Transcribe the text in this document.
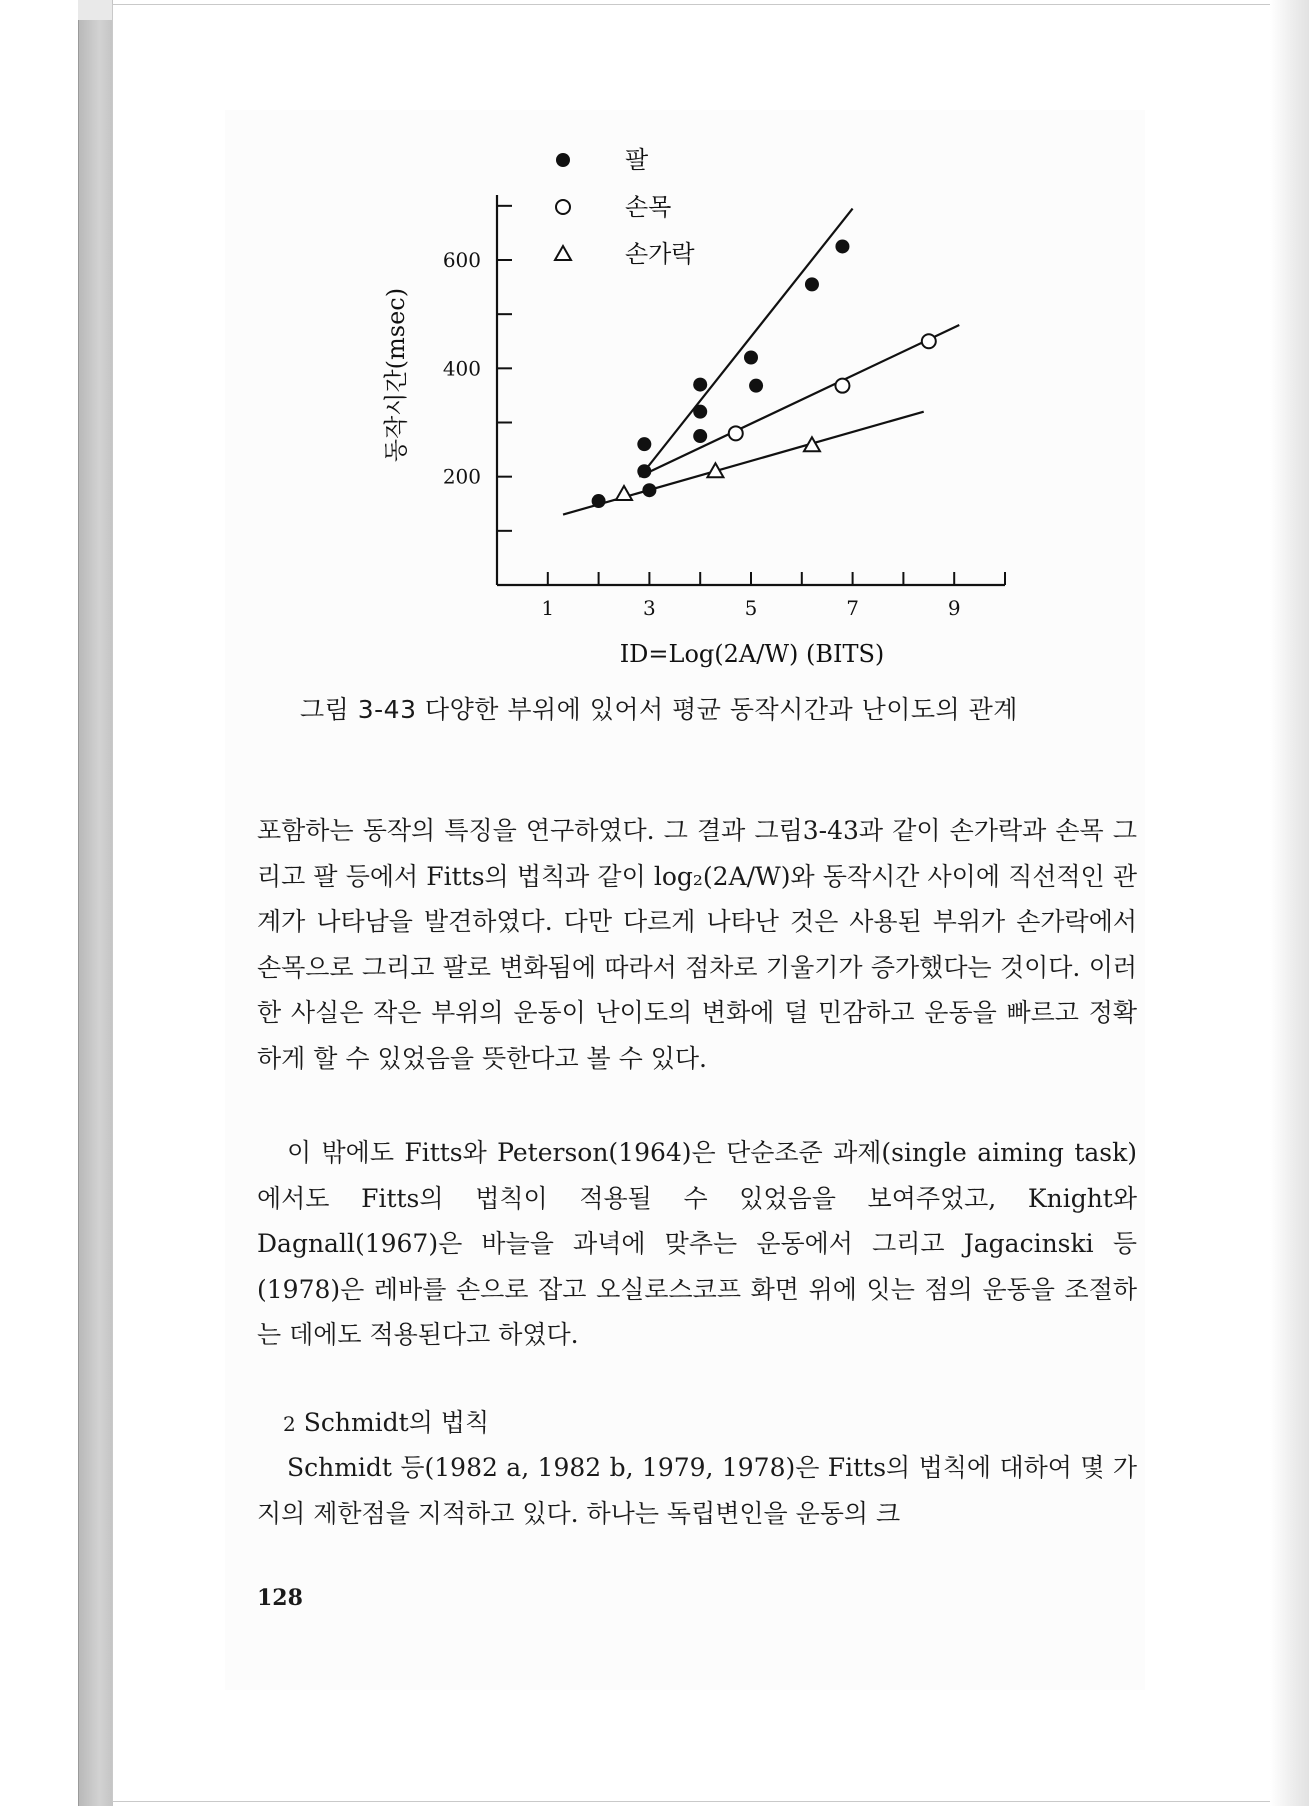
1	3	5	7	9
200
400
600
팔
손목
손가락
동작시간(msec)
ID=Log(2A/W) (BITS)
그림 3-43 다양한 부위에 있어서 평균 동작시간과 난이도의 관계
포함하는 동작의 특징을 연구하였다. 그 결과 그림3-43과 같이 손가락과 손목 그리고 팔 등에서 Fitts의 법칙과 같이 log₂(2A/W)와 동작시간 사이에 직선적인 관계가 나타남을 발견하였다. 다만 다르게 나타난 것은 사용된 부위가 손가락에서 손목으로 그리고 팔로 변화됨에 따라서 점차로 기울기가 증가했다는 것이다. 이러한 사실은 작은 부위의 운동이 난이도의 변화에 덜 민감하고 운동을 빠르고 정확하게 할 수 있었음을 뜻한다고 볼 수 있다.
이 밖에도 Fitts와 Peterson(1964)은 단순조준 과제(single aiming task)에서도 Fitts의 법칙이 적용될 수 있었음을 보여주었고, Knight와 Dagnall(1967)은 바늘을 과녁에 맞추는 운동에서 그리고 Jagacinski 등(1978)은 레바를 손으로 잡고 오실로스코프 화면 위에 잇는 점의 운동을 조절하는 데에도 적용된다고 하였다.
2 Schmidt의 법칙
Schmidt 등(1982 a, 1982 b, 1979, 1978)은 Fitts의 법칙에 대하여 몇 가지의 제한점을 지적하고 있다. 하나는 독립변인을 운동의 크
128
